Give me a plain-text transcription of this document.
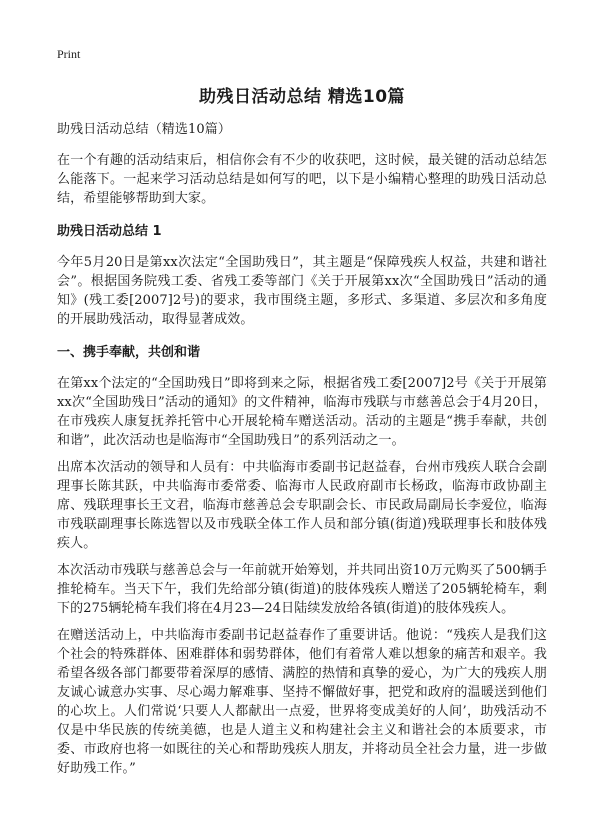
Print
助残日活动总结 精选10篇

助残日活动总结（精选10篇）

在一个有趣的活动结束后，相信你会有不少的收获吧，这时候，最关键的活动总结怎么能落下。一起来学习活动总结是如何写的吧，以下是小编精心整理的助残日活动总结，希望能够帮助到大家。

助残日活动总结 1

今年5月20日是第xx次法定“全国助残日”，其主题是“保障残疾人权益，共建和谐社会”。根据国务院残工委、省残工委等部门《关于开展第xx次“全国助残日”活动的通知》(残工委[2007]2号)的要求，我市围绕主题，多形式、多渠道、多层次和多角度的开展助残活动，取得显著成效。

一、携手奉献，共创和谐

在第xx个法定的“全国助残日”即将到来之际，根据省残工委[2007]2号《关于开展第xx次“全国助残日”活动的通知》的文件精神，临海市残联与市慈善总会于4月20日，在市残疾人康复抚养托管中心开展轮椅车赠送活动。活动的主题是“携手奉献，共创和谐”，此次活动也是临海市“全国助残日”的系列活动之一。

出席本次活动的领导和人员有：中共临海市委副书记赵益春，台州市残疾人联合会副理事长陈其跃，中共临海市委常委、临海市人民政府副市长杨政，临海市政协副主席、残联理事长王文君，临海市慈善总会专职副会长、市民政局副局长李爱位，临海市残联副理事长陈选智以及市残联全体工作人员和部分镇(街道)残联理事长和肢体残疾人。

本次活动市残联与慈善总会与一年前就开始筹划，并共同出资10万元购买了500辆手推轮椅车。当天下午，我们先给部分镇(街道)的肢体残疾人赠送了205辆轮椅车，剩下的275辆轮椅车我们将在4月23—24日陆续发放给各镇(街道)的肢体残疾人。

在赠送活动上，中共临海市委副书记赵益春作了重要讲话。他说：“残疾人是我们这个社会的特殊群体、困难群体和弱势群体，他们有着常人难以想象的痛苦和艰辛。我希望各级各部门都要带着深厚的感情、满腔的热情和真挚的爱心，为广大的残疾人朋友诚心诚意办实事、尽心竭力解难事、坚持不懈做好事，把党和政府的温暖送到他们的心坎上。人们常说‘只要人人都献出一点爱，世界将变成美好的人间’，助残活动不仅是中华民族的传统美德，也是人道主义和构建社会主义和谐社会的本质要求，市委、市政府也将一如既往的关心和帮助残疾人朋友，并将动员全社会力量，进一步做好助残工作。”
